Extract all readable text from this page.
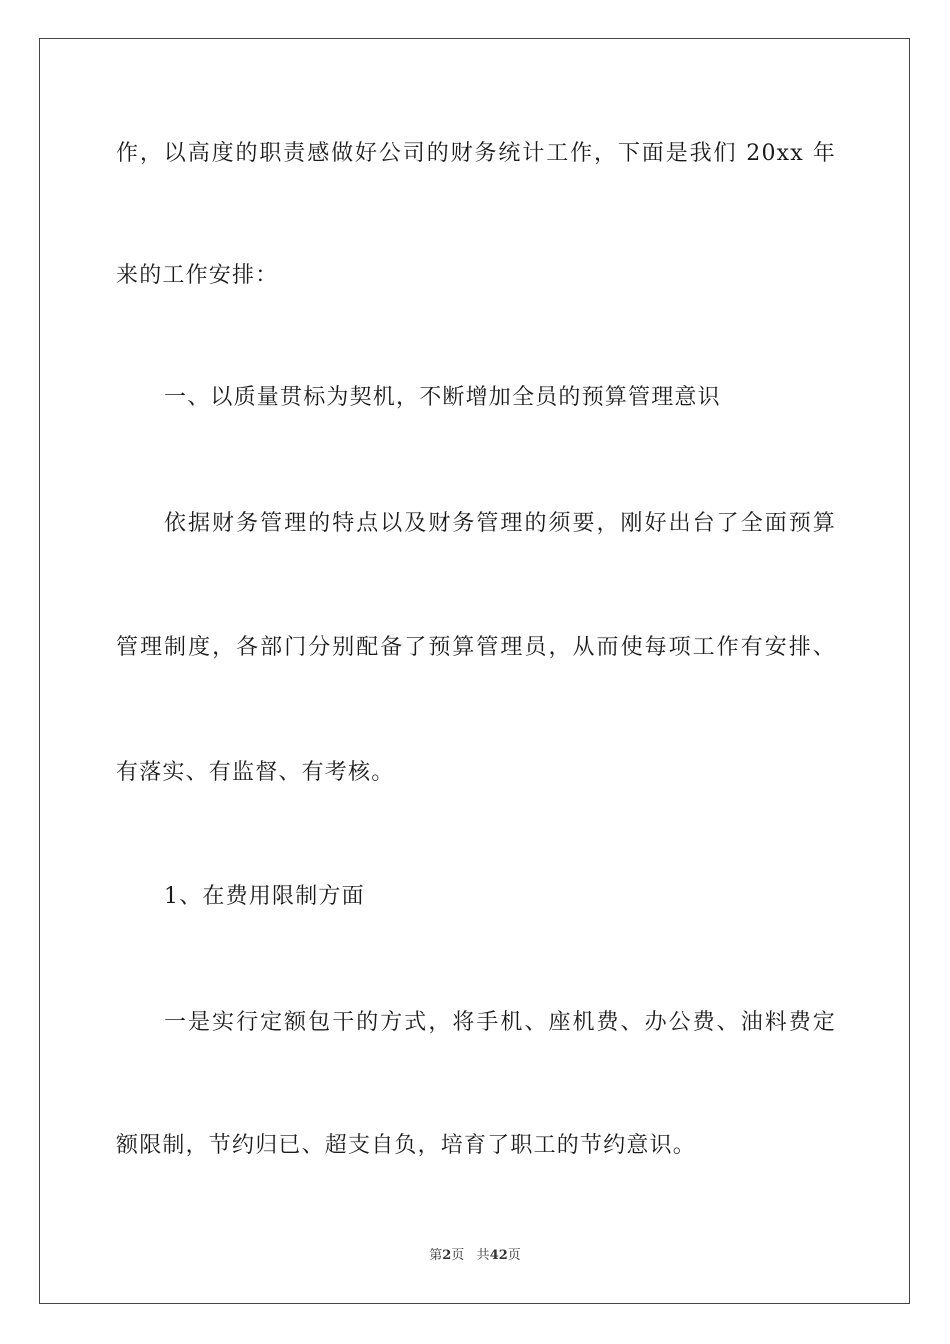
作，以高度的职责感做好公司的财务统计工作，下面是我们 20xx 年
来的工作安排：
一、以质量贯标为契机，不断增加全员的预算管理意识
依据财务管理的特点以及财务管理的须要，刚好出台了全面预算
管理制度，各部门分别配备了预算管理员，从而使每项工作有安排、
有落实、有监督、有考核。
1、在费用限制方面
一是实行定额包干的方式，将手机、座机费、办公费、油料费定
额限制，节约归已、超支自负，培育了职工的节约意识。
第2页 共42页
